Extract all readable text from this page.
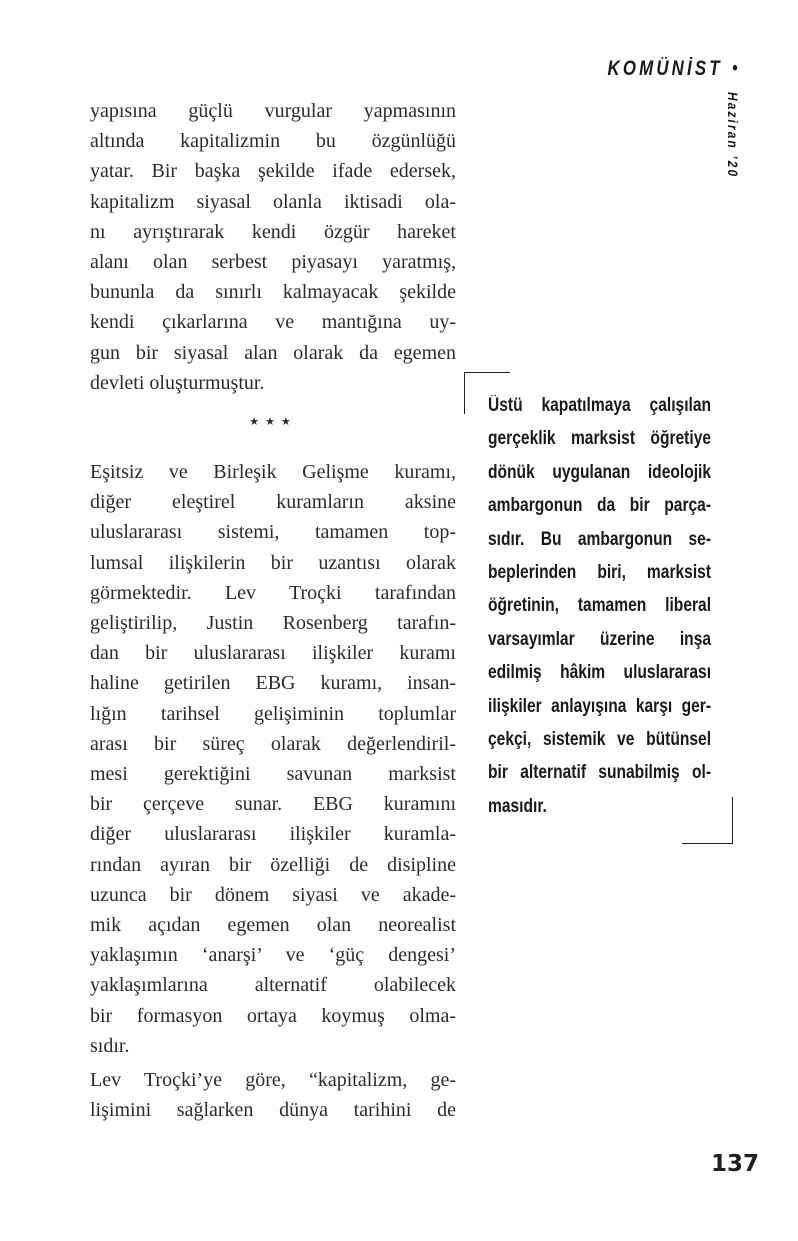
KOMÜNİST •
Haziran ’20
yapısına güçlü vurgular yapmasının
altında kapitalizmin bu özgünlüğü
yatar. Bir başka şekilde ifade edersek,
kapitalizm siyasal olanla iktisadi ola-
nı ayrıştırarak kendi özgür hareket
alanı olan serbest piyasayı yaratmış,
bununla da sınırlı kalmayacak şekilde
kendi çıkarlarına ve mantığına uy-
gun bir siyasal alan olarak da egemen
devleti oluşturmuştur.
★★★
Eşitsiz ve Birleşik Gelişme kuramı,
diğer eleştirel kuramların aksine
uluslararası sistemi, tamamen top-
lumsal ilişkilerin bir uzantısı olarak
görmektedir. Lev Troçki tarafından
geliştirilip, Justin Rosenberg tarafın-
dan bir uluslararası ilişkiler kuramı
haline getirilen EBG kuramı, insan-
lığın tarihsel gelişiminin toplumlar
arası bir süreç olarak değerlendiril-
mesi gerektiğini savunan marksist
bir çerçeve sunar. EBG kuramını
diğer uluslararası ilişkiler kuramla-
rından ayıran bir özelliği de disipline
uzunca bir dönem siyasi ve akade-
mik açıdan egemen olan neorealist
yaklaşımın ‘anarşi’ ve ‘güç dengesi’
yaklaşımlarına alternatif olabilecek
bir formasyon ortaya koymuş olma-
sıdır.
Lev Troçki’ye göre, “kapitalizm, ge-
lişimini sağlarken dünya tarihini de
Üstü kapatılmaya çalışılan
gerçeklik marksist öğretiye
dönük uygulanan ideolojik
ambargonun da bir parça-
sıdır. Bu ambargonun se-
beplerinden biri, marksist
öğretinin, tamamen liberal
varsayımlar üzerine inşa
edilmiş hâkim uluslararası
ilişkiler anlayışına karşı ger-
çekçi, sistemik ve bütünsel
bir alternatif sunabilmiş ol-
masıdır.
137
